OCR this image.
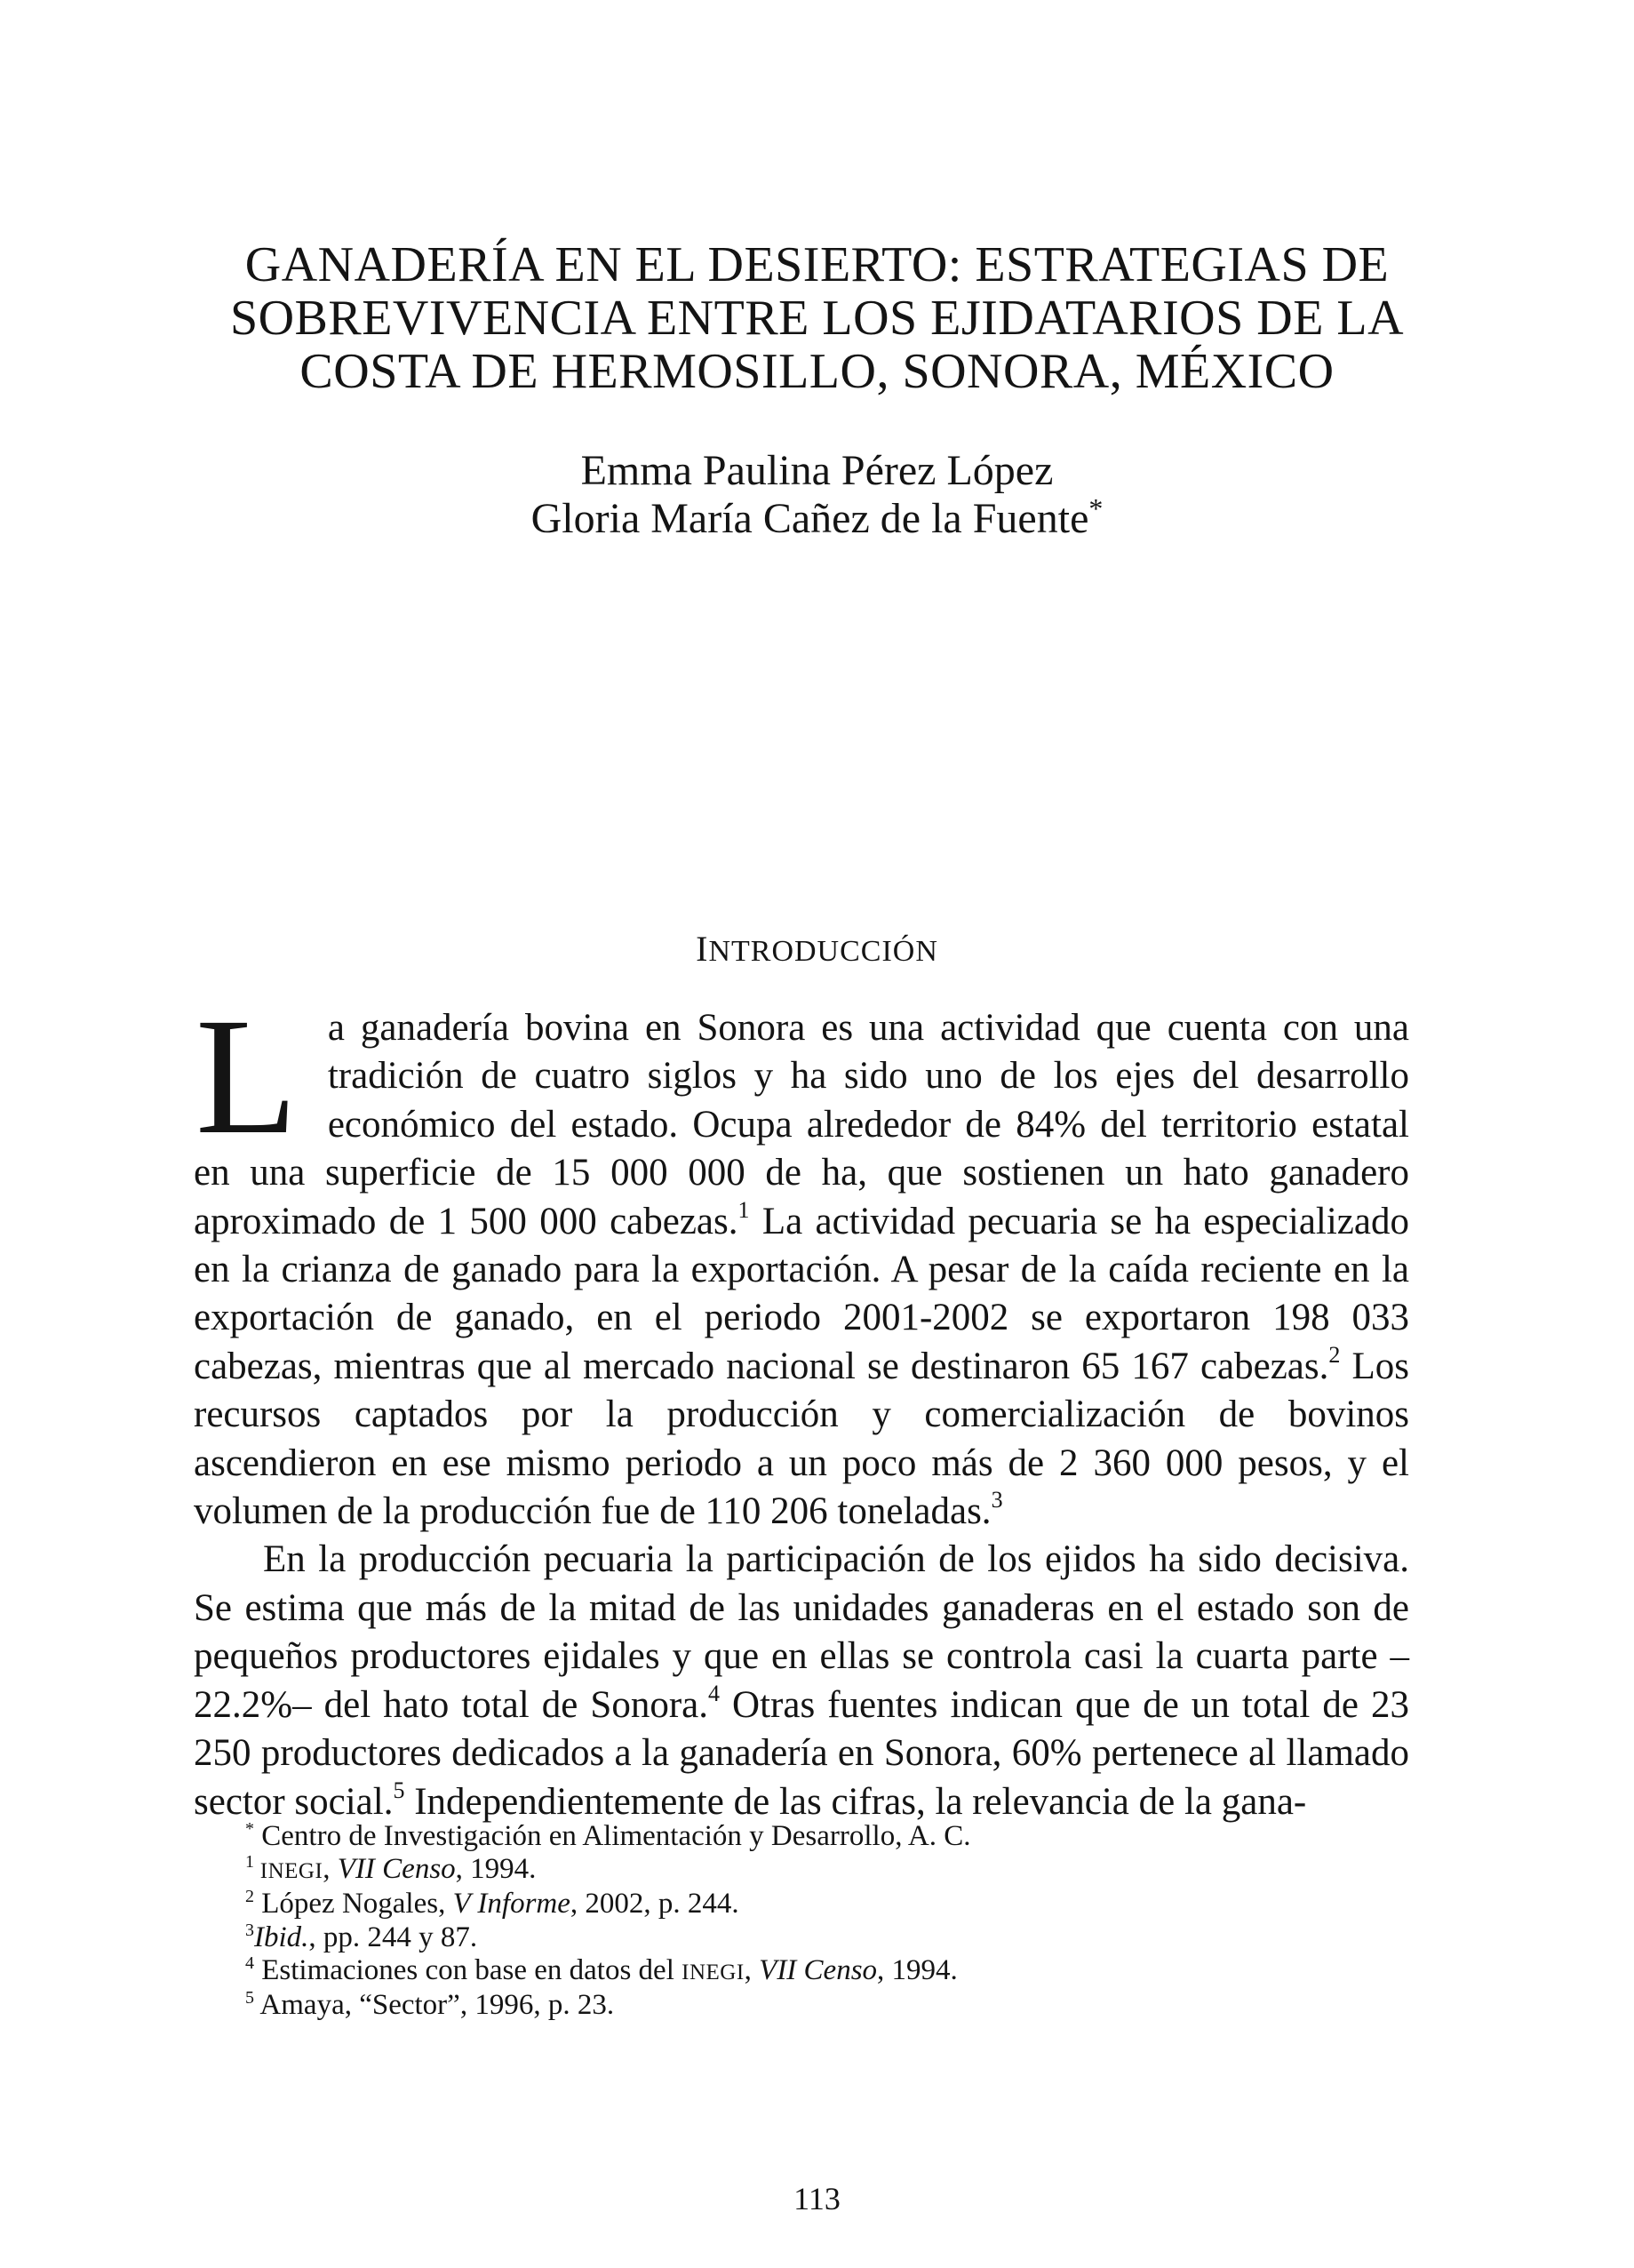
GANADERÍA EN EL DESIERTO: ESTRATEGIAS DE
SOBREVIVENCIA ENTRE LOS EJIDATARIOS DE LA
COSTA DE HERMOSILLO, SONORA, MÉXICO
Emma Paulina Pérez López
Gloria María Cañez de la Fuente*
INTRODUCCIÓN

La ganadería bovina en Sonora es una actividad que cuenta con una tradición de cuatro siglos y ha sido uno de los ejes del desarrollo económico del estado. Ocupa alrededor de 84% del territorio estatal en una superficie de 15 000 000 de ha, que sostienen un hato ganadero aproximado de 1 500 000 cabezas.$^1$ La actividad pecuaria se ha especializado en la crianza de ganado para la exportación. A pesar de la caída reciente en la exportación de ganado, en el periodo 2001-2002 se exportaron 198 033 cabezas, mientras que al mercado nacional se destinaron 65 167 cabezas.$^2$ Los recursos captados por la producción y comercialización de bovinos ascendieron en ese mismo periodo a un poco más de 2 360 000 pesos, y el volumen de la producción fue de 110 206 toneladas.$^3$

En la producción pecuaria la participación de los ejidos ha sido decisiva. Se estima que más de la mitad de las unidades ganaderas en el estado son de pequeños productores ejidales y que en ellas se controla casi la cuarta parte –22.2%– del hato total de Sonora.$^4$ Otras fuentes indican que de un total de 23 250 productores dedicados a la ganadería en Sonora, 60% pertenece al llamado sector social.$^5$ Independientemente de las cifras, la relevancia de la gana-

* Centro de Investigación en Alimentación y Desarrollo, A. C.
$^1$ INEGI, VII Censo, 1994.
$^2$ López Nogales, V Informe, 2002, p. 244.
$^3$Ibid., pp. 244 y 87.
$^4$ Estimaciones con base en datos del INEGI, VII Censo, 1994.
$^5$ Amaya, “Sector”, 1996, p. 23.
113
